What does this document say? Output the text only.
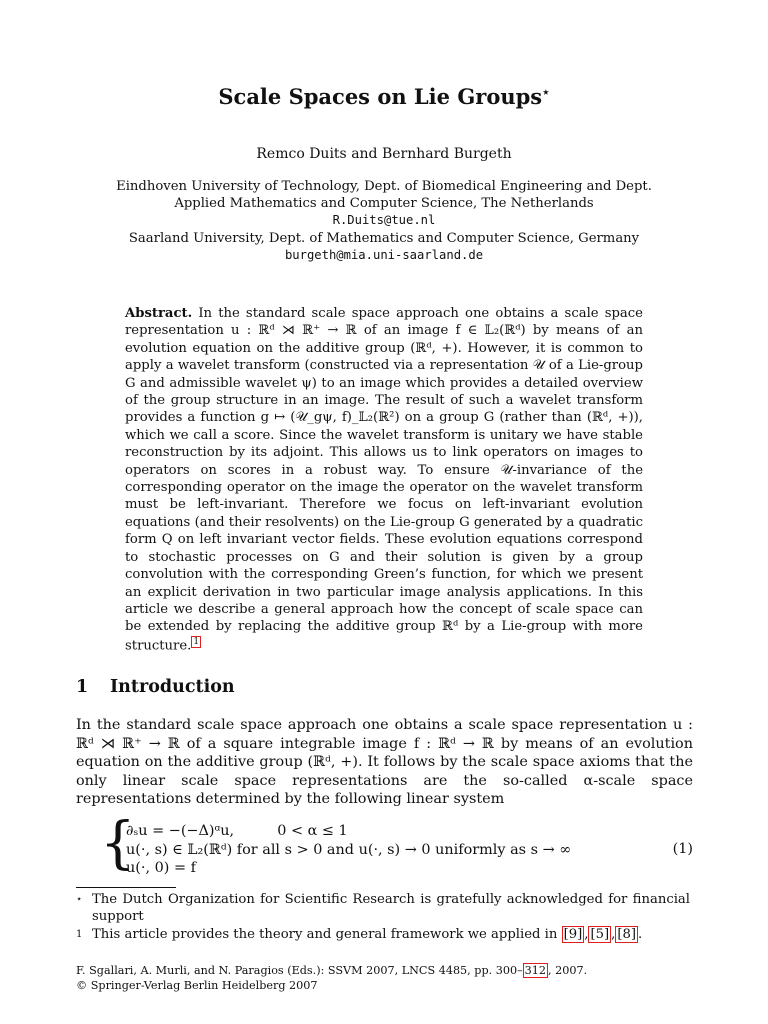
Scale Spaces on Lie Groups⋆
Remco Duits and Bernhard Burgeth
Eindhoven University of Technology, Dept. of Biomedical Engineering and Dept.
Applied Mathematics and Computer Science, The Netherlands
R.Duits@tue.nl
Saarland University, Dept. of Mathematics and Computer Science, Germany
burgeth@mia.uni-saarland.de
Abstract. In the standard scale space approach one obtains a scale space representation u : ℝᵈ ⋊ ℝ⁺ → ℝ of an image f ∈ 𝕃₂(ℝᵈ) by means of an evolution equation on the additive group (ℝᵈ, +). However, it is common to apply a wavelet transform (constructed via a representation 𝒰 of a Lie-group G and admissible wavelet ψ) to an image which provides a detailed overview of the group structure in an image. The result of such a wavelet transform provides a function g ↦ (𝒰_gψ, f)_𝕃₂(ℝ²) on a group G (rather than (ℝᵈ, +)), which we call a score. Since the wavelet transform is unitary we have stable reconstruction by its adjoint. This allows us to link operators on images to operators on scores in a robust way. To ensure 𝒰-invariance of the corresponding operator on the image the operator on the wavelet transform must be left-invariant. Therefore we focus on left-invariant evolution equations (and their resolvents) on the Lie-group G generated by a quadratic form Q on left invariant vector fields. These evolution equations correspond to stochastic processes on G and their solution is given by a group convolution with the corresponding Green’s function, for which we present an explicit derivation in two particular image analysis applications. In this article we describe a general approach how the concept of scale space can be extended by replacing the additive group ℝᵈ by a Lie-group with more structure. 1
1 Introduction
In the standard scale space approach one obtains a scale space representation u : ℝᵈ ⋊ ℝ⁺ → ℝ of a square integrable image f : ℝᵈ → ℝ by means of an evolution equation on the additive group (ℝᵈ, +). It follows by the scale space axioms that the only linear scale space representations are the so-called α-scale space representations determined by the following linear system
{
∂ₛu = −(−Δ)ᵅu,   0 < α ≤ 1
u(·, s) ∈ 𝕃₂(ℝᵈ) for all s > 0 and u(·, s) → 0 uniformly as s → ∞
u(·, 0) = f
(1)
⋆ The Dutch Organization for Scientific Research is gratefully acknowledged for financial support
1 This article provides the theory and general framework we applied in [9] , [5] , [8] .
F. Sgallari, A. Murli, and N. Paragios (Eds.): SSVM 2007, LNCS 4485, pp. 300– 312 , 2007.
© Springer-Verlag Berlin Heidelberg 2007
